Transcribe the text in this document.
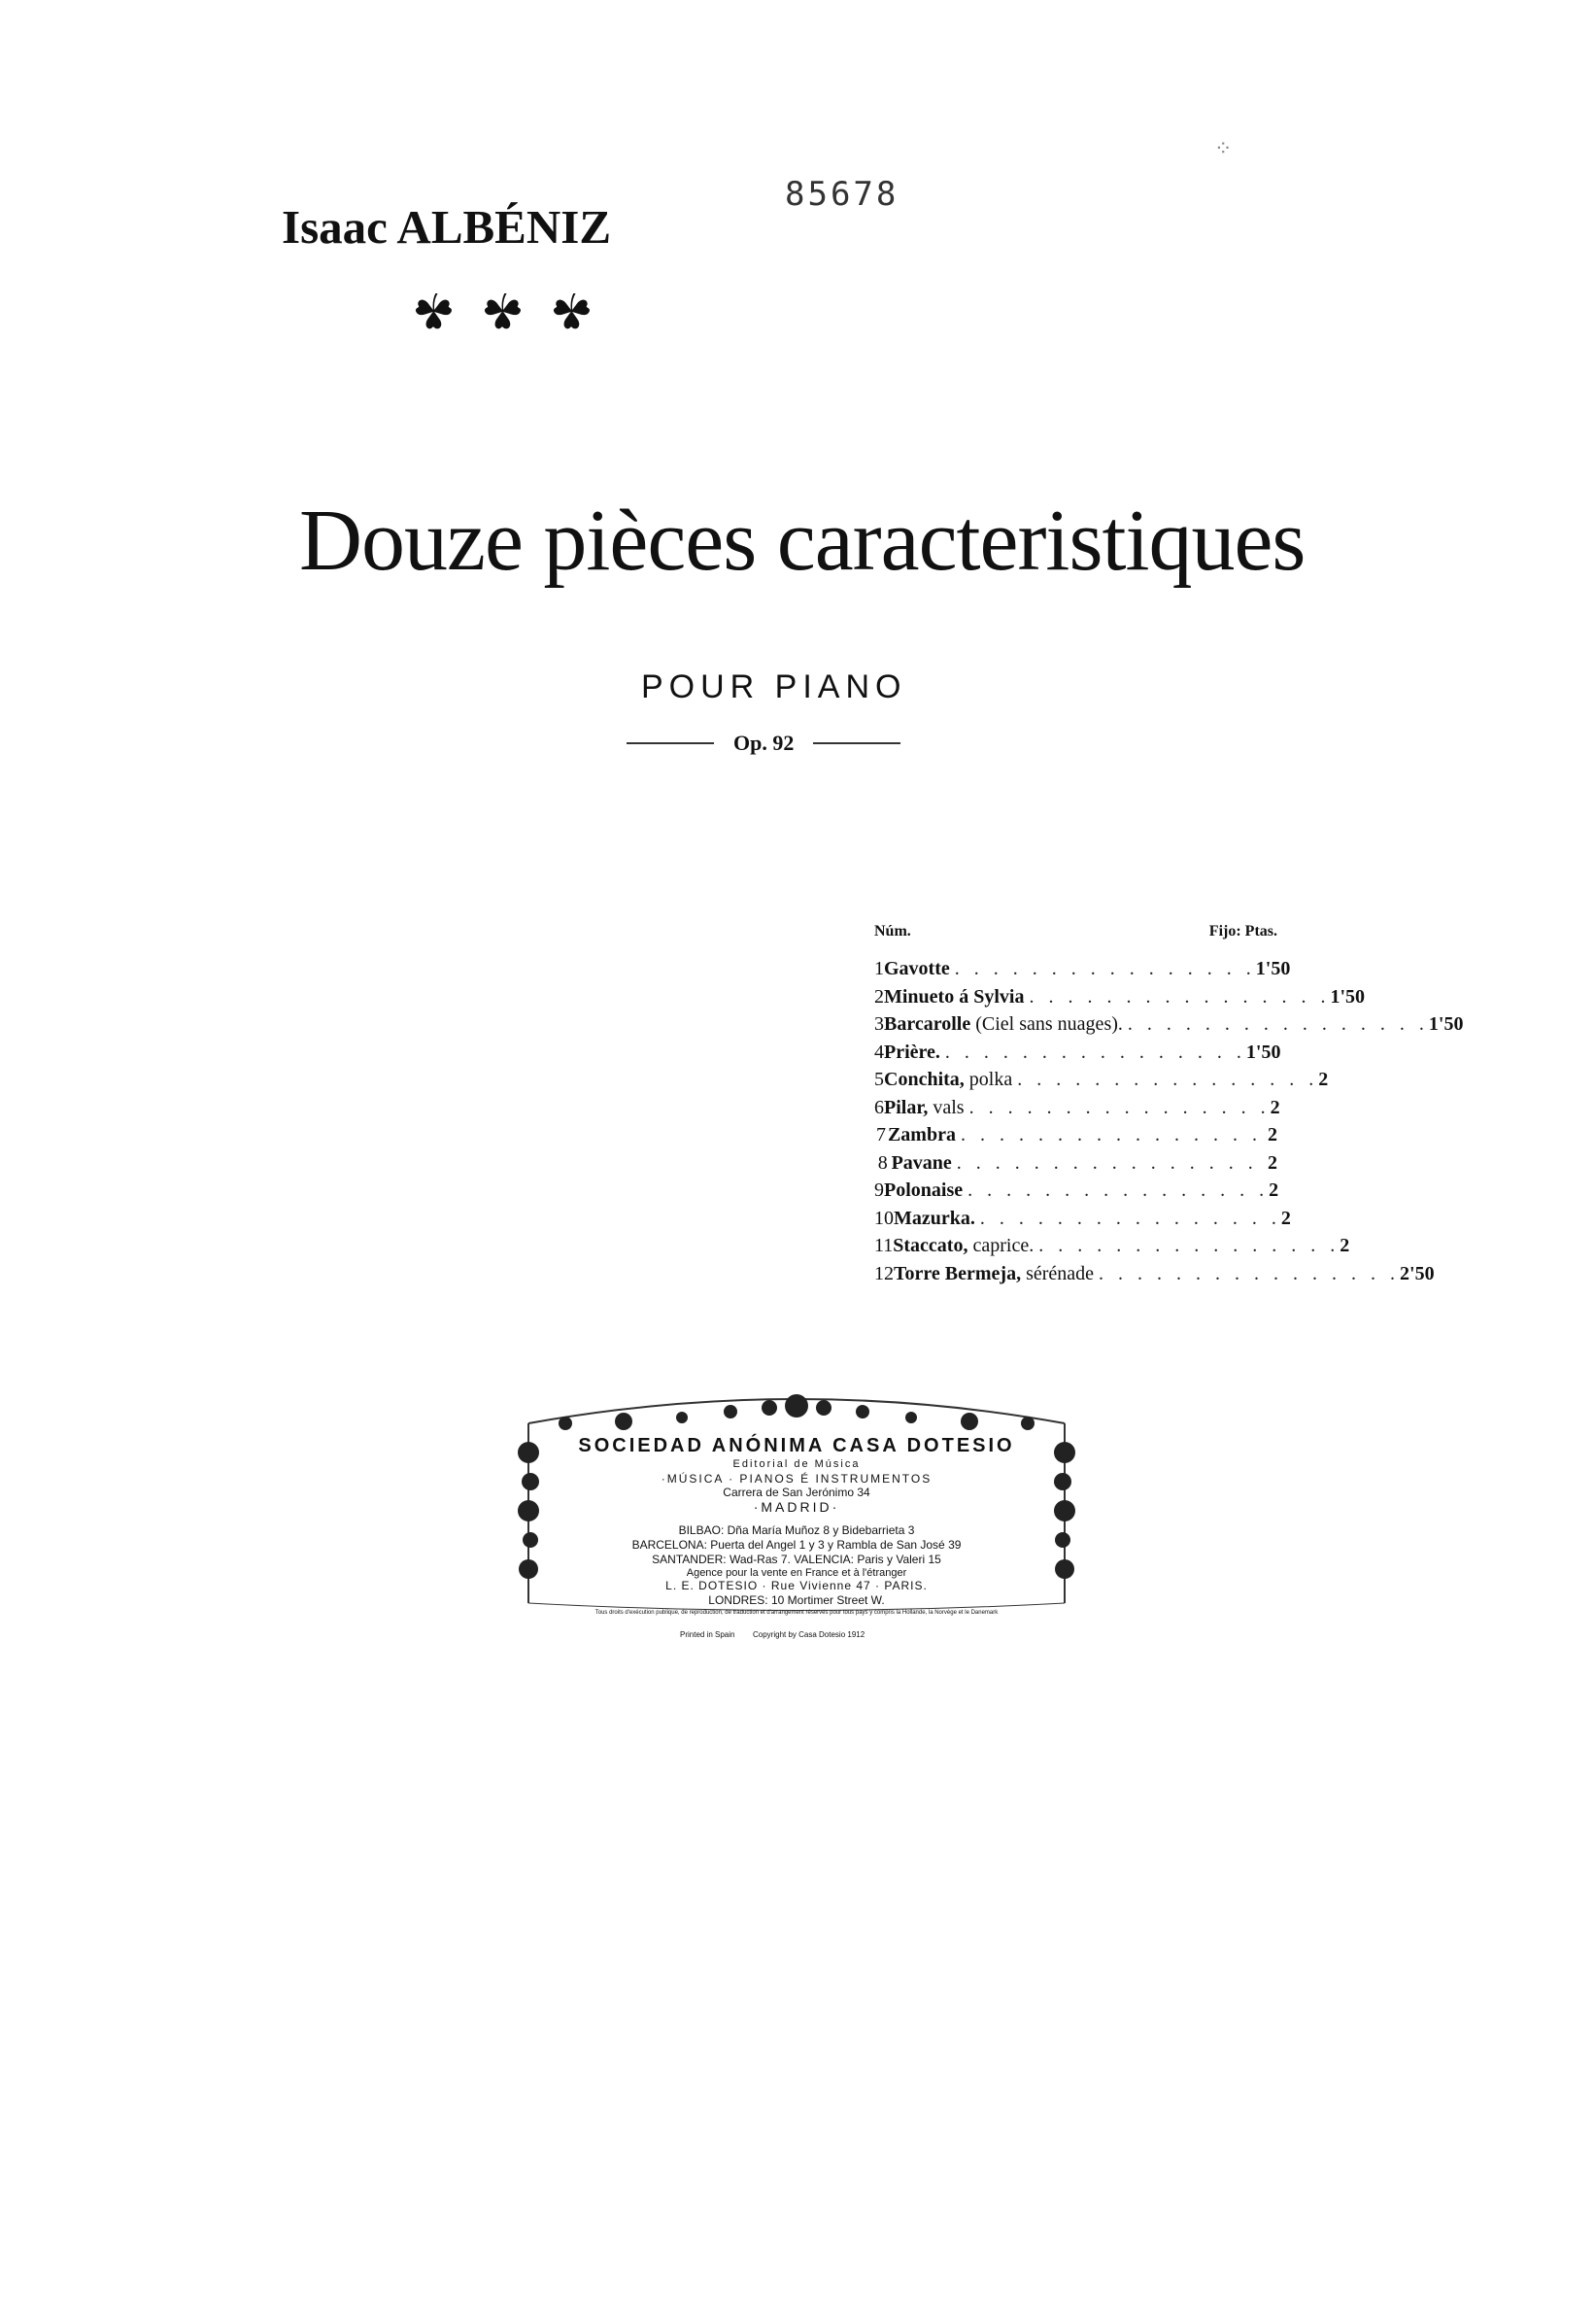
85678
⁘
Isaac ALBÉNIZ
☘☘☘
Douze pièces caracteristiques
POUR PIANO
Op. 92
Núm.	Fijo: Ptas.
1 Gavotte . . . . . . . . . . . . . . . . 1'50
2 Minueto á Sylvia . . . . . . . . . . . . . . . . 1'50
3 Barcarolle (Ciel sans nuages). . . . . . . . . . . . . . . . . 1'50
4 Prière. . . . . . . . . . . . . . . . . 1'50
5 Conchita, polka . . . . . . . . . . . . . . . . 2
6 Pilar, vals . . . . . . . . . . . . . . . . 2
7 Zambra . . . . . . . . . . . . . . . . 2
8 Pavane . . . . . . . . . . . . . . . . 2
9 Polonaise . . . . . . . . . . . . . . . . 2
10 Mazurka. . . . . . . . . . . . . . . . . 2
11 Staccato, caprice. . . . . . . . . . . . . . . . . 2
12 Torre Bermeja, sérénade . . . . . . . . . . . . . . . . 2'50
SOCIEDAD ANÓNIMA CASA DOTESIO
Editorial de Música
·MÚSICA · PIANOS É INSTRUMENTOS
Carrera de San Jerónimo 34
·MADRID·
BILBAO: Dña María Muñoz 8 y Bidebarrieta 3
BARCELONA: Puerta del Angel 1 y 3 y Rambla de San José 39
SANTANDER: Wad-Ras 7. VALENCIA: Paris y Valeri 15
Agence pour la vente en France et à l'étranger
L. E. DOTESIO · Rue Vivienne 47 · PARIS.
LONDRES: 10 Mortimer Street W.
Tous droits d'exécution publique, de reproduction, de traduction et d'arrangement réservés pour tous pays y compris la Hollande, la Norvège et le Danemark
Printed in Spain Copyright by Casa Dotesio 1912
